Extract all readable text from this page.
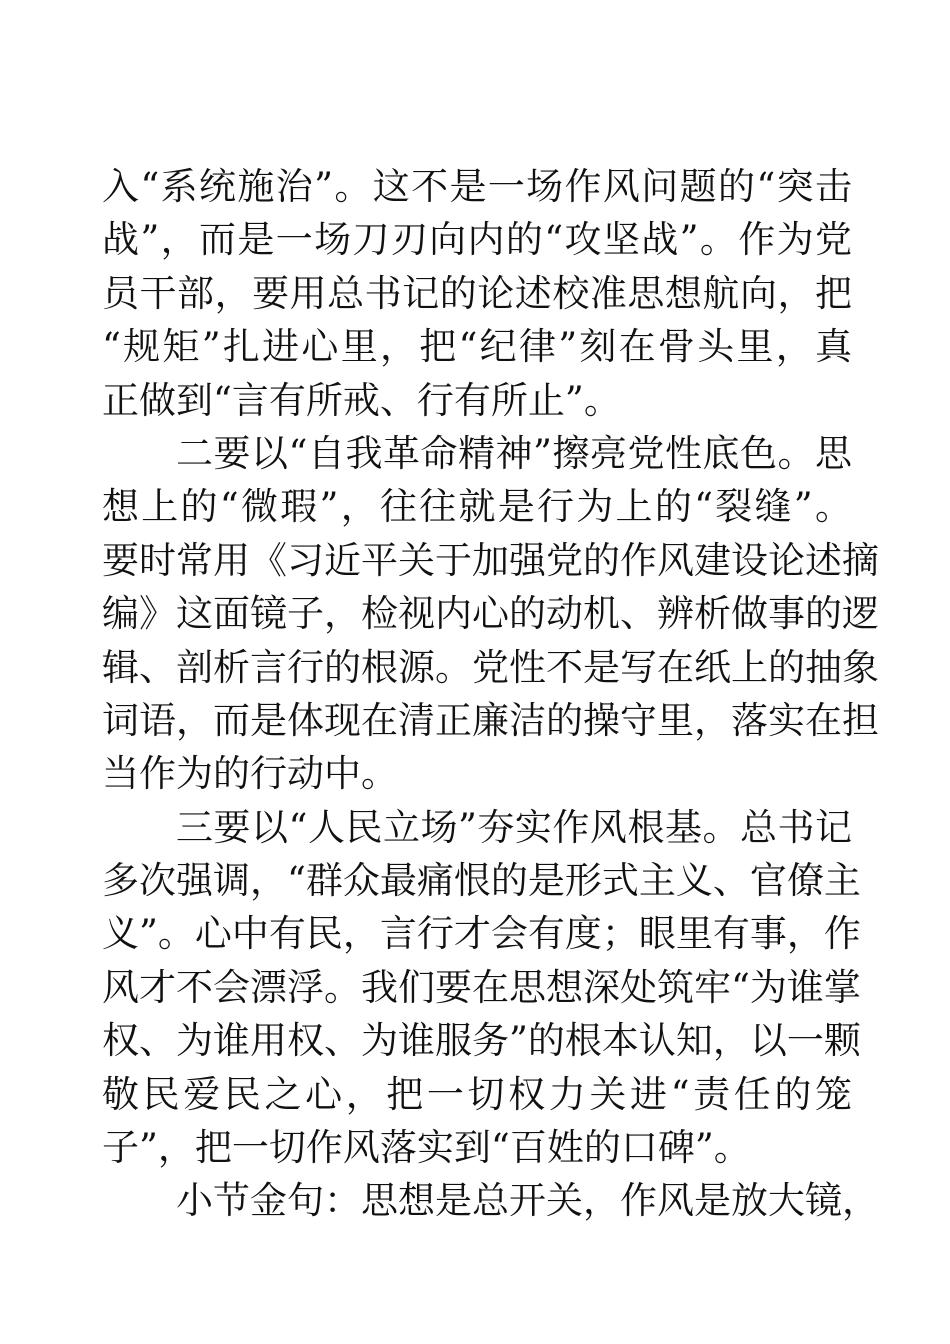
入“系统施治”。这不是一场作风问题的“突击
战”，而是一场刀刃向内的“攻坚战”。作为党
员干部，要用总书记的论述校准思想航向，把
“规矩”扎进心里，把“纪律”刻在骨头里，真
正做到“言有所戒、行有所止”。
二要以“自我革命精神”擦亮党性底色。思
想上的“微瑕”，往往就是行为上的“裂缝”。
要时常用《习近平关于加强党的作风建设论述摘
编》这面镜子，检视内心的动机、辨析做事的逻
辑、剖析言行的根源。党性不是写在纸上的抽象
词语，而是体现在清正廉洁的操守里，落实在担
当作为的行动中。
三要以“人民立场”夯实作风根基。总书记
多次强调，“群众最痛恨的是形式主义、官僚主
义”。心中有民，言行才会有度；眼里有事，作
风才不会漂浮。我们要在思想深处筑牢“为谁掌
权、为谁用权、为谁服务”的根本认知，以一颗
敬民爱民之心，把一切权力关进“责任的笼
子”，把一切作风落实到“百姓的口碑”。
小节金句：思想是总开关，作风是放大镜，
